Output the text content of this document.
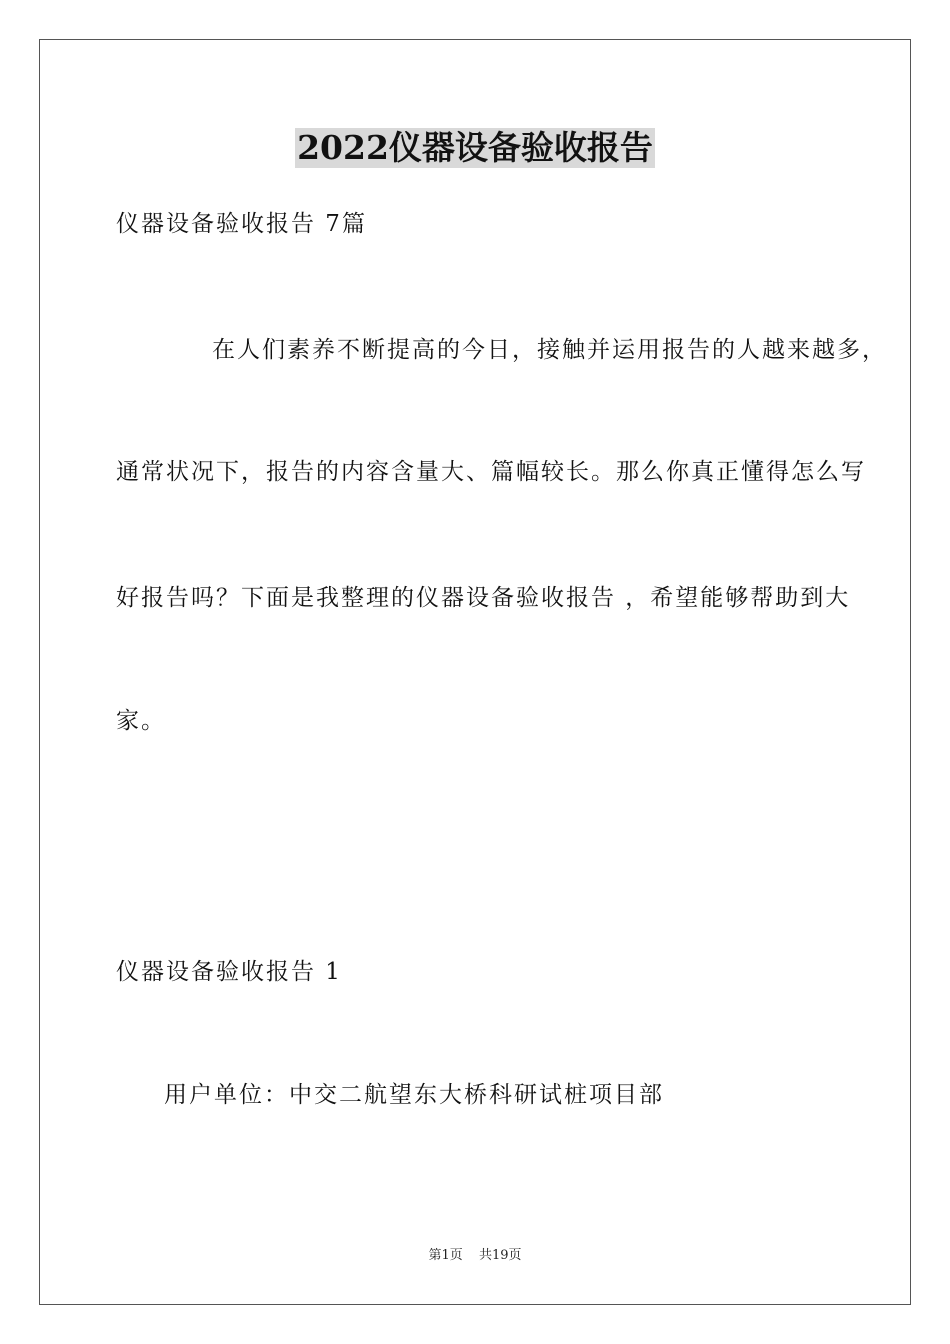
2022仪器设备验收报告

仪器设备验收报告 7篇

在人们素养不断提高的今日，接触并运用报告的人越来越多，

通常状况下，报告的内容含量大、篇幅较长。那么你真正懂得怎么写

好报告吗？下面是我整理的仪器设备验收报告 ，希望能够帮助到大

家。

仪器设备验收报告 1

用户单位：中交二航望东大桥科研试桩项目部

第1页 共19页
